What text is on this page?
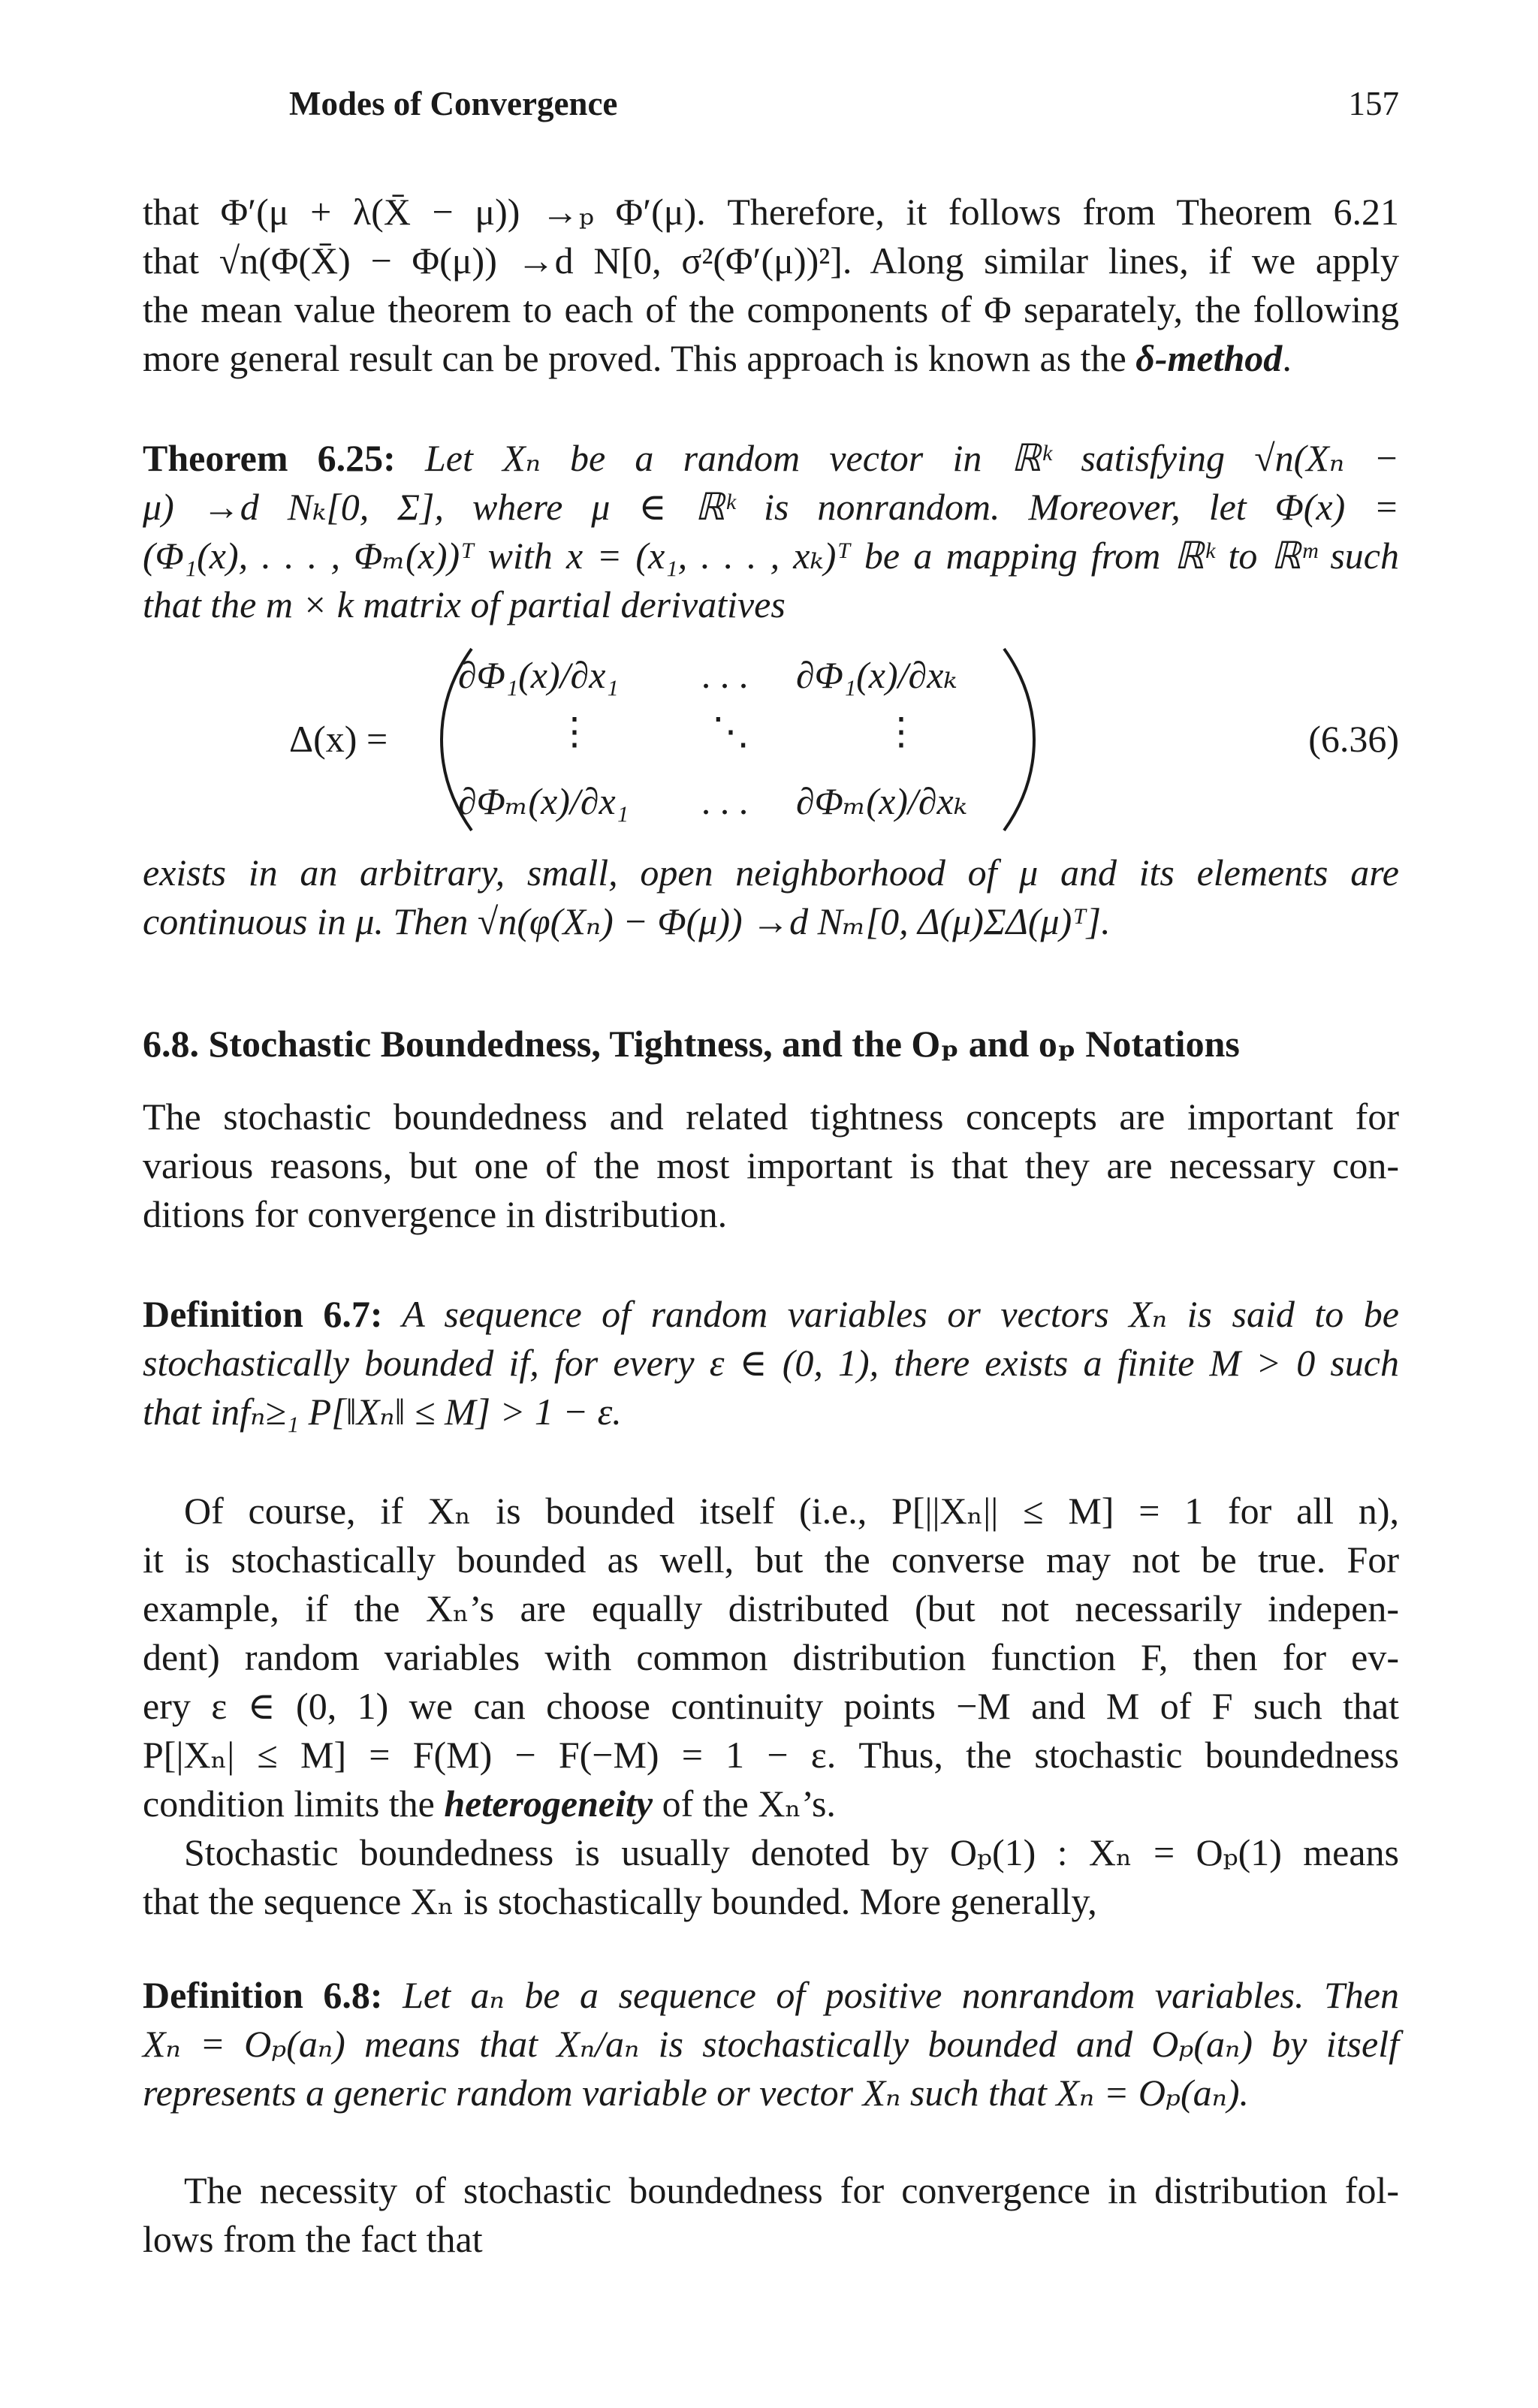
Modes of Convergence	157
that Φ′(μ + λ(X̄ − μ)) →ₚ Φ′(μ). Therefore, it follows from Theorem 6.21
that √n(Φ(X̄) − Φ(μ)) →d N[0, σ²(Φ′(μ))²]. Along similar lines, if we apply
the mean value theorem to each of the components of Φ separately, the following
more general result can be proved. This approach is known as the δ-method.
Theorem 6.25: Let Xₙ be a random vector in ℝᵏ satisfying √n(Xₙ −
μ) →d Nₖ[0, Σ], where μ ∈ ℝᵏ is nonrandom. Moreover, let Φ(x) =
(Φ₁(x), . . . , Φₘ(x))ᵀ with x = (x₁, . . . , xₖ)ᵀ be a mapping from ℝᵏ to ℝᵐ such
that the m × k matrix of partial derivatives
Δ(x) =
∂Φ₁(x)/∂x₁ . . . ∂Φ₁(x)/∂xₖ
⋮	⋱	⋮
∂Φₘ(x)/∂x₁ . . . ∂Φₘ(x)/∂xₖ
(6.36)
exists in an arbitrary, small, open neighborhood of μ and its elements are
continuous in μ. Then √n(φ(Xₙ) − Φ(μ)) →d Nₘ[0, Δ(μ)ΣΔ(μ)ᵀ].
6.8. Stochastic Boundedness, Tightness, and the Oₚ and oₚ Notations
The stochastic boundedness and related tightness concepts are important for
various reasons, but one of the most important is that they are necessary con-
ditions for convergence in distribution.
Definition 6.7: A sequence of random variables or vectors Xₙ is said to be
stochastically bounded if, for every ε ∈ (0, 1), there exists a finite M > 0 such
that infₙ≥₁ P[‖Xₙ‖ ≤ M] > 1 − ε.
Of course, if Xₙ is bounded itself (i.e., P[||Xₙ|| ≤ M] = 1 for all n),
it is stochastically bounded as well, but the converse may not be true. For
example, if the Xₙ’s are equally distributed (but not necessarily indepen-
dent) random variables with common distribution function F, then for ev-
ery ε ∈ (0, 1) we can choose continuity points −M and M of F such that
P[|Xₙ| ≤ M] = F(M) − F(−M) = 1 − ε. Thus, the stochastic boundedness
condition limits the heterogeneity of the Xₙ’s.
Stochastic boundedness is usually denoted by Oₚ(1) : Xₙ = Oₚ(1) means
that the sequence Xₙ is stochastically bounded. More generally,
Definition 6.8: Let aₙ be a sequence of positive nonrandom variables. Then
Xₙ = Oₚ(aₙ) means that Xₙ/aₙ is stochastically bounded and Oₚ(aₙ) by itself
represents a generic random variable or vector Xₙ such that Xₙ = Oₚ(aₙ).
The necessity of stochastic boundedness for convergence in distribution fol-
lows from the fact that
